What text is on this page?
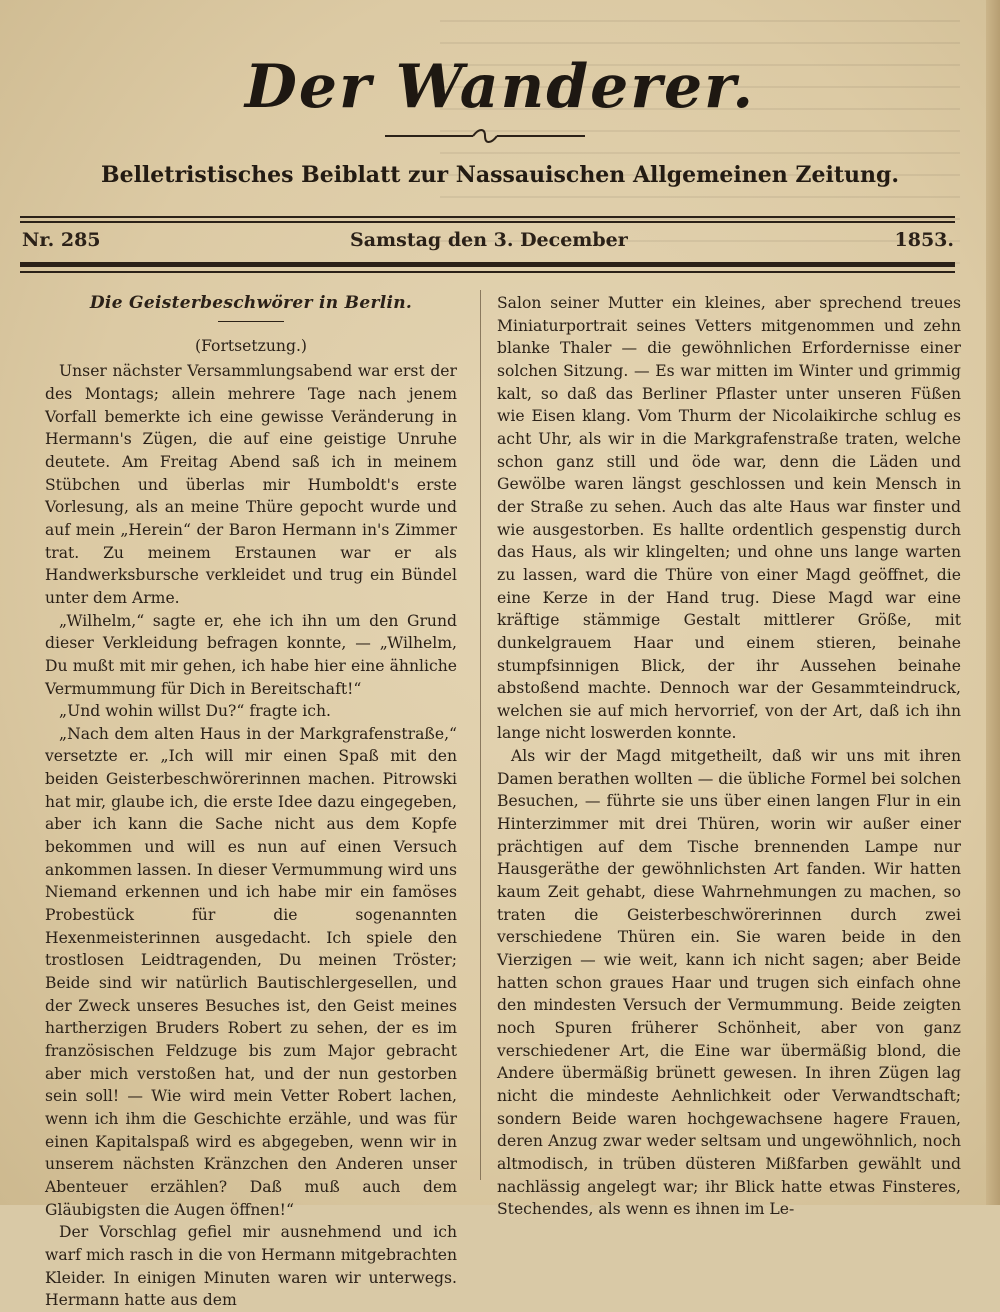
Der Wanderer.
Belletristisches Beiblatt zur Nassauischen Allgemeinen Zeitung.
Nr. 285	Samstag den 3. December	1853.

Die Geisterbeschwörer in Berlin.

(Fortsetzung.)

Unser nächster Versammlungsabend war erst der des Montags; allein mehrere Tage nach jenem Vorfall bemerkte ich eine gewisse Veränderung in Hermann's Zügen, die auf eine geistige Unruhe deutete. Am Freitag Abend saß ich in meinem Stübchen und überlas mir Humboldt's erste Vorlesung, als an meine Thüre gepocht wurde und auf mein „Herein“ der Baron Hermann in's Zimmer trat. Zu meinem Erstaunen war er als Handwerksbursche verkleidet und trug ein Bündel unter dem Arme.

„Wilhelm,“ sagte er, ehe ich ihn um den Grund dieser Verkleidung befragen konnte, — „Wilhelm, Du mußt mit mir gehen, ich habe hier eine ähnliche Vermummung für Dich in Bereitschaft!“

„Und wohin willst Du?“ fragte ich.

„Nach dem alten Haus in der Markgrafenstraße,“ versetzte er. „Ich will mir einen Spaß mit den beiden Geisterbeschwörerinnen machen. Pitrowski hat mir, glaube ich, die erste Idee dazu eingegeben, aber ich kann die Sache nicht aus dem Kopfe bekommen und will es nun auf einen Versuch ankommen lassen. In dieser Vermummung wird uns Niemand erkennen und ich habe mir ein famöses Probestück für die sogenannten Hexenmeisterinnen ausgedacht. Ich spiele den trostlosen Leidtragenden, Du meinen Tröster; Beide sind wir natürlich Bautischlergesellen, und der Zweck unseres Besuches ist, den Geist meines hartherzigen Bruders Robert zu sehen, der es im französischen Feldzuge bis zum Major gebracht aber mich verstoßen hat, und der nun gestorben sein soll! — Wie wird mein Vetter Robert lachen, wenn ich ihm die Geschichte erzähle, und was für einen Kapitalspaß wird es abgegeben, wenn wir in unserem nächsten Kränzchen den Anderen unser Abenteuer erzählen? Daß muß auch dem Gläubigsten die Augen öffnen!“

Der Vorschlag gefiel mir ausnehmend und ich warf mich rasch in die von Hermann mitgebrachten Kleider. In einigen Minuten waren wir unterwegs. Hermann hatte aus dem

Salon seiner Mutter ein kleines, aber sprechend treues Miniaturportrait seines Vetters mitgenommen und zehn blanke Thaler — die gewöhnlichen Erfordernisse einer solchen Sitzung. — Es war mitten im Winter und grimmig kalt, so daß das Berliner Pflaster unter unseren Füßen wie Eisen klang. Vom Thurm der Nicolaikirche schlug es acht Uhr, als wir in die Markgrafenstraße traten, welche schon ganz still und öde war, denn die Läden und Gewölbe waren längst geschlossen und kein Mensch in der Straße zu sehen. Auch das alte Haus war finster und wie ausgestorben. Es hallte ordentlich gespenstig durch das Haus, als wir klingelten; und ohne uns lange warten zu lassen, ward die Thüre von einer Magd geöffnet, die eine Kerze in der Hand trug. Diese Magd war eine kräftige stämmige Gestalt mittlerer Größe, mit dunkelgrauem Haar und einem stieren, beinahe stumpfsinnigen Blick, der ihr Aussehen beinahe abstoßend machte. Dennoch war der Gesammteindruck, welchen sie auf mich hervorrief, von der Art, daß ich ihn lange nicht loswerden konnte.

Als wir der Magd mitgetheilt, daß wir uns mit ihren Damen berathen wollten — die übliche Formel bei solchen Besuchen, — führte sie uns über einen langen Flur in ein Hinterzimmer mit drei Thüren, worin wir außer einer prächtigen auf dem Tische brennenden Lampe nur Hausgeräthe der gewöhnlichsten Art fanden. Wir hatten kaum Zeit gehabt, diese Wahrnehmungen zu machen, so traten die Geisterbeschwörerinnen durch zwei verschiedene Thüren ein. Sie waren beide in den Vierzigen — wie weit, kann ich nicht sagen; aber Beide hatten schon graues Haar und trugen sich einfach ohne den mindesten Versuch der Vermummung. Beide zeigten noch Spuren früherer Schönheit, aber von ganz verschiedener Art, die Eine war übermäßig blond, die Andere übermäßig brünett gewesen. In ihren Zügen lag nicht die mindeste Aehnlichkeit oder Verwandtschaft; sondern Beide waren hochgewachsene hagere Frauen, deren Anzug zwar weder seltsam und ungewöhnlich, noch altmodisch, in trüben düsteren Mißfarben gewählt und nachlässig angelegt war; ihr Blick hatte etwas Finsteres, Stechendes, als wenn es ihnen im Le-
